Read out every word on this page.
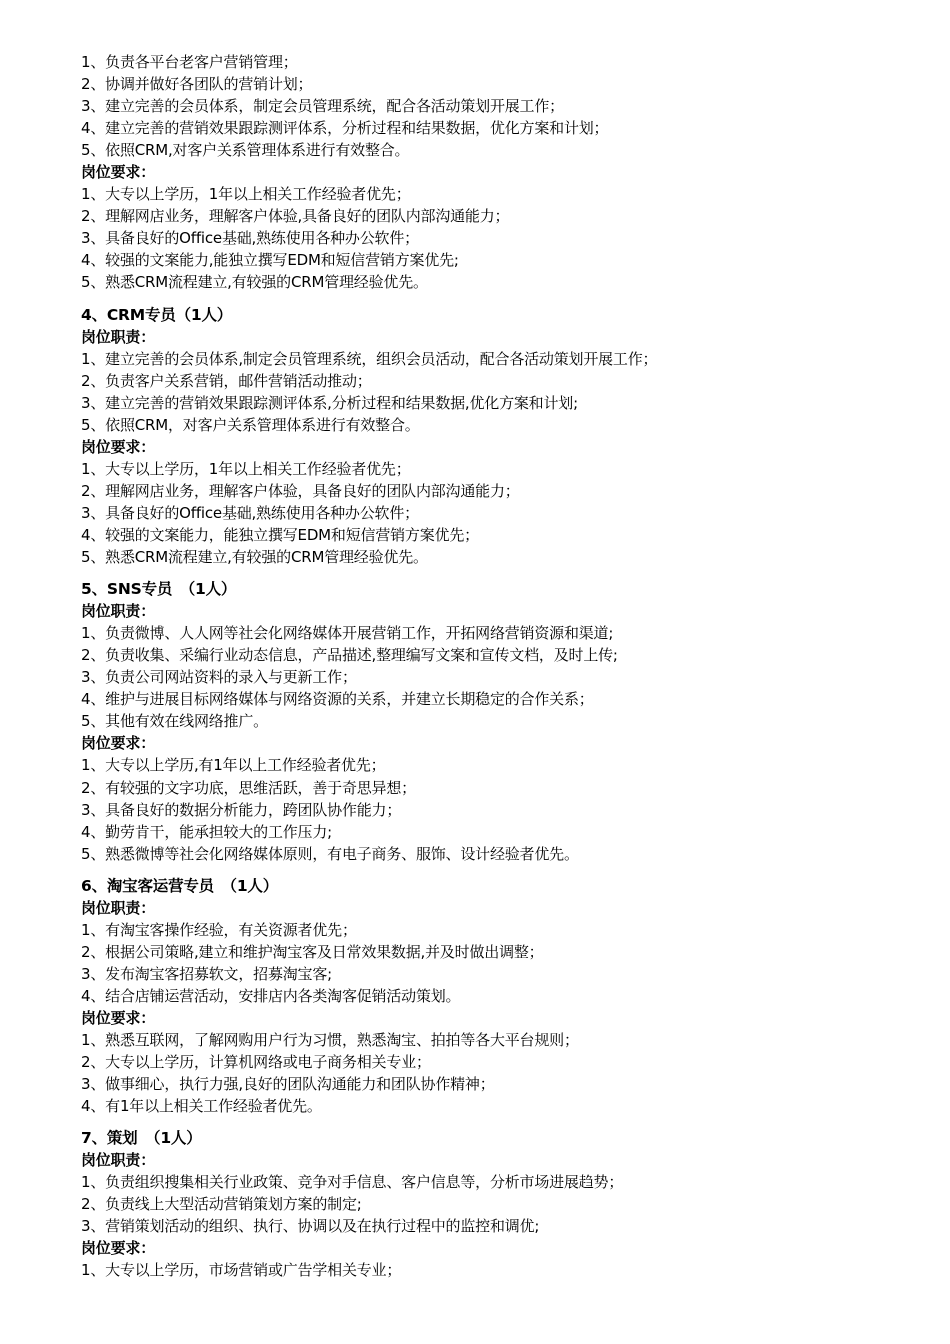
1、负责各平台老客户营销管理；
2、协调并做好各团队的营销计划；
3、建立完善的会员体系，制定会员管理系统，配合各活动策划开展工作；
4、建立完善的营销效果跟踪测评体系，分析过程和结果数据，优化方案和计划；
5、依照CRM,对客户关系管理体系进行有效整合。
岗位要求：
1、大专以上学历，1年以上相关工作经验者优先；
2、理解网店业务，理解客户体验,具备良好的团队内部沟通能力；
3、具备良好的Office基础,熟练使用各种办公软件；
4、较强的文案能力,能独立撰写EDM和短信营销方案优先;
5、熟悉CRM流程建立,有较强的CRM管理经验优先。
4、CRM专员（1人）
岗位职责：
1、建立完善的会员体系,制定会员管理系统，组织会员活动，配合各活动策划开展工作；
2、负责客户关系营销，邮件营销活动推动；
3、建立完善的营销效果跟踪测评体系,分析过程和结果数据,优化方案和计划;
5、依照CRM，对客户关系管理体系进行有效整合。
岗位要求：
1、大专以上学历，1年以上相关工作经验者优先；
2、理解网店业务，理解客户体验，具备良好的团队内部沟通能力；
3、具备良好的Office基础,熟练使用各种办公软件；
4、较强的文案能力，能独立撰写EDM和短信营销方案优先；
5、熟悉CRM流程建立,有较强的CRM管理经验优先。
5、SNS专员　（1人）
岗位职责：
1、负责微博、人人网等社会化网络媒体开展营销工作，开拓网络营销资源和渠道;
2、负责收集、采编行业动态信息，产品描述,整理编写文案和宣传文档，及时上传;
3、负责公司网站资料的录入与更新工作；
4、维护与进展目标网络媒体与网络资源的关系，并建立长期稳定的合作关系；
5、其他有效在线网络推广。
岗位要求：
1、大专以上学历,有1年以上工作经验者优先；
2、有较强的文字功底，思维活跃，善于奇思异想；
3、具备良好的数据分析能力，跨团队协作能力；
4、勤劳肯干，能承担较大的工作压力;
5、熟悉微博等社会化网络媒体原则，有电子商务、服饰、设计经验者优先。
6、淘宝客运营专员　（1人）
岗位职责：
1、有淘宝客操作经验，有关资源者优先；
2、根据公司策略,建立和维护淘宝客及日常效果数据,并及时做出调整；
3、发布淘宝客招募软文，招募淘宝客;
4、结合店铺运营活动，安排店内各类淘客促销活动策划。
岗位要求：
1、熟悉互联网，了解网购用户行为习惯，熟悉淘宝、拍拍等各大平台规则；
2、大专以上学历，计算机网络或电子商务相关专业；
3、做事细心，执行力强,良好的团队沟通能力和团队协作精神；
4、有1年以上相关工作经验者优先。
7、策划　（1人）
岗位职责：
1、负责组织搜集相关行业政策、竞争对手信息、客户信息等，分析市场进展趋势；
2、负责线上大型活动营销策划方案的制定;
3、营销策划活动的组织、执行、协调以及在执行过程中的监控和调优;
岗位要求：
1、大专以上学历，市场营销或广告学相关专业；
